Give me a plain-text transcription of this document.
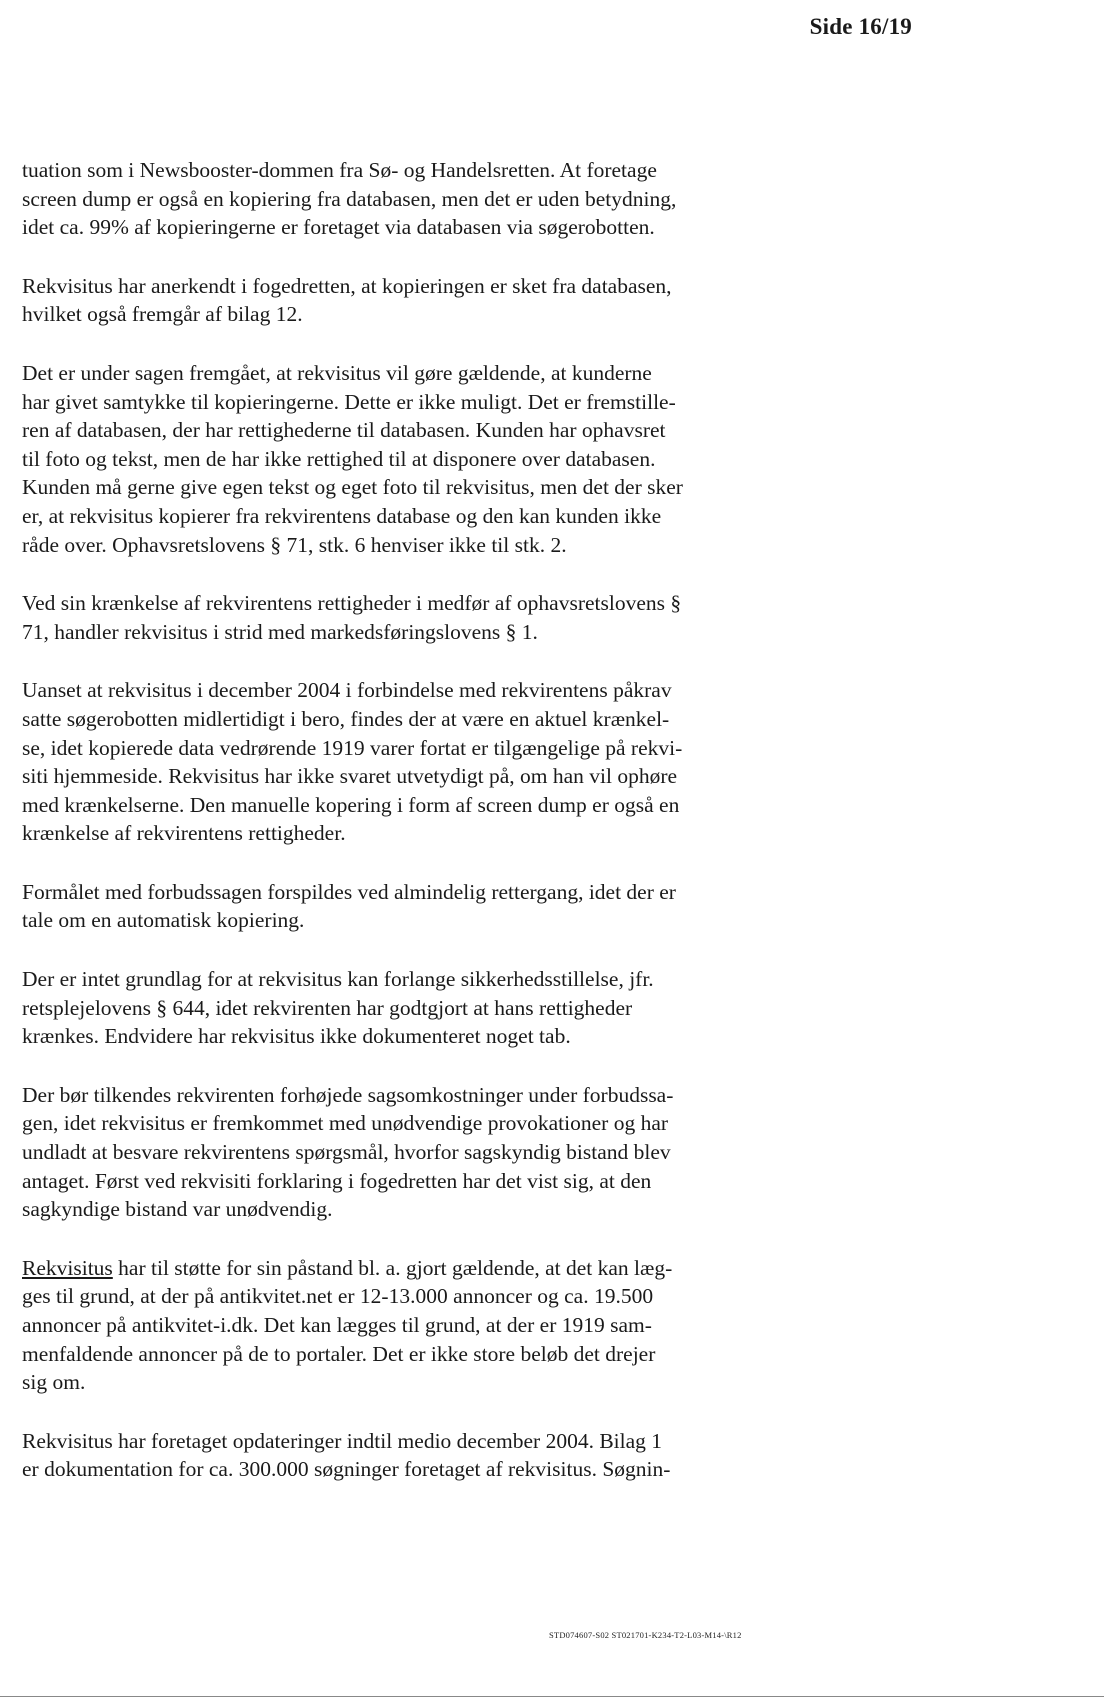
Side 16/19

tuation som i Newsbooster-dommen fra Sø- og Handelsretten. At foretage
screen dump er også en kopiering fra databasen, men det er uden betydning,
idet ca. 99% af kopieringerne er foretaget via databasen via søgerobotten.

Rekvisitus har anerkendt i fogedretten, at kopieringen er sket fra databasen,
hvilket også fremgår af bilag 12.

Det er under sagen fremgået, at rekvisitus vil gøre gældende, at kunderne
har givet samtykke til kopieringerne. Dette er ikke muligt. Det er fremstille-
ren af databasen, der har rettighederne til databasen. Kunden har ophavsret
til foto og tekst, men de har ikke rettighed til at disponere over databasen.
Kunden må gerne give egen tekst og eget foto til rekvisitus, men det der sker
er, at rekvisitus kopierer fra rekvirentens database og den kan kunden ikke
råde over. Ophavsretslovens § 71, stk. 6 henviser ikke til stk. 2.

Ved sin krænkelse af rekvirentens rettigheder i medfør af ophavsretslovens §
71, handler rekvisitus i strid med markedsføringslovens § 1.

Uanset at rekvisitus i december 2004 i forbindelse med rekvirentens påkrav
satte søgerobotten midlertidigt i bero, findes der at være en aktuel krænkel-
se, idet kopierede data vedrørende 1919 varer fortat er tilgængelige på rekvi-
siti hjemmeside. Rekvisitus har ikke svaret utvetydigt på, om han vil ophøre
med krænkelserne. Den manuelle kopering i form af screen dump er også en
krænkelse af rekvirentens rettigheder.

Formålet med forbudssagen forspildes ved almindelig rettergang, idet der er
tale om en automatisk kopiering.

Der er intet grundlag for at rekvisitus kan forlange sikkerhedsstillelse, jfr.
retsplejelovens § 644, idet rekvirenten har godtgjort at hans rettigheder
krænkes. Endvidere har rekvisitus ikke dokumenteret noget tab.

Der bør tilkendes rekvirenten forhøjede sagsomkostninger under forbudssa-
gen, idet rekvisitus er fremkommet med unødvendige provokationer og har
undladt at besvare rekvirentens spørgsmål, hvorfor sagskyndig bistand blev
antaget. Først ved rekvisiti forklaring i fogedretten har det vist sig, at den
sagkyndige bistand var unødvendig.

Rekvisitus har til støtte for sin påstand bl. a. gjort gældende, at det kan læg-
ges til grund, at der på antikvitet.net er 12-13.000 annoncer og ca. 19.500
annoncer på antikvitet-i.dk. Det kan lægges til grund, at der er 1919 sam-
menfaldende annoncer på de to portaler. Det er ikke store beløb det drejer
sig om.

Rekvisitus har foretaget opdateringer indtil medio december 2004. Bilag 1
er dokumentation for ca. 300.000 søgninger foretaget af rekvisitus. Søgnin-

STD074607-S02 ST021701-K234-T2-L03-M14-\R12
